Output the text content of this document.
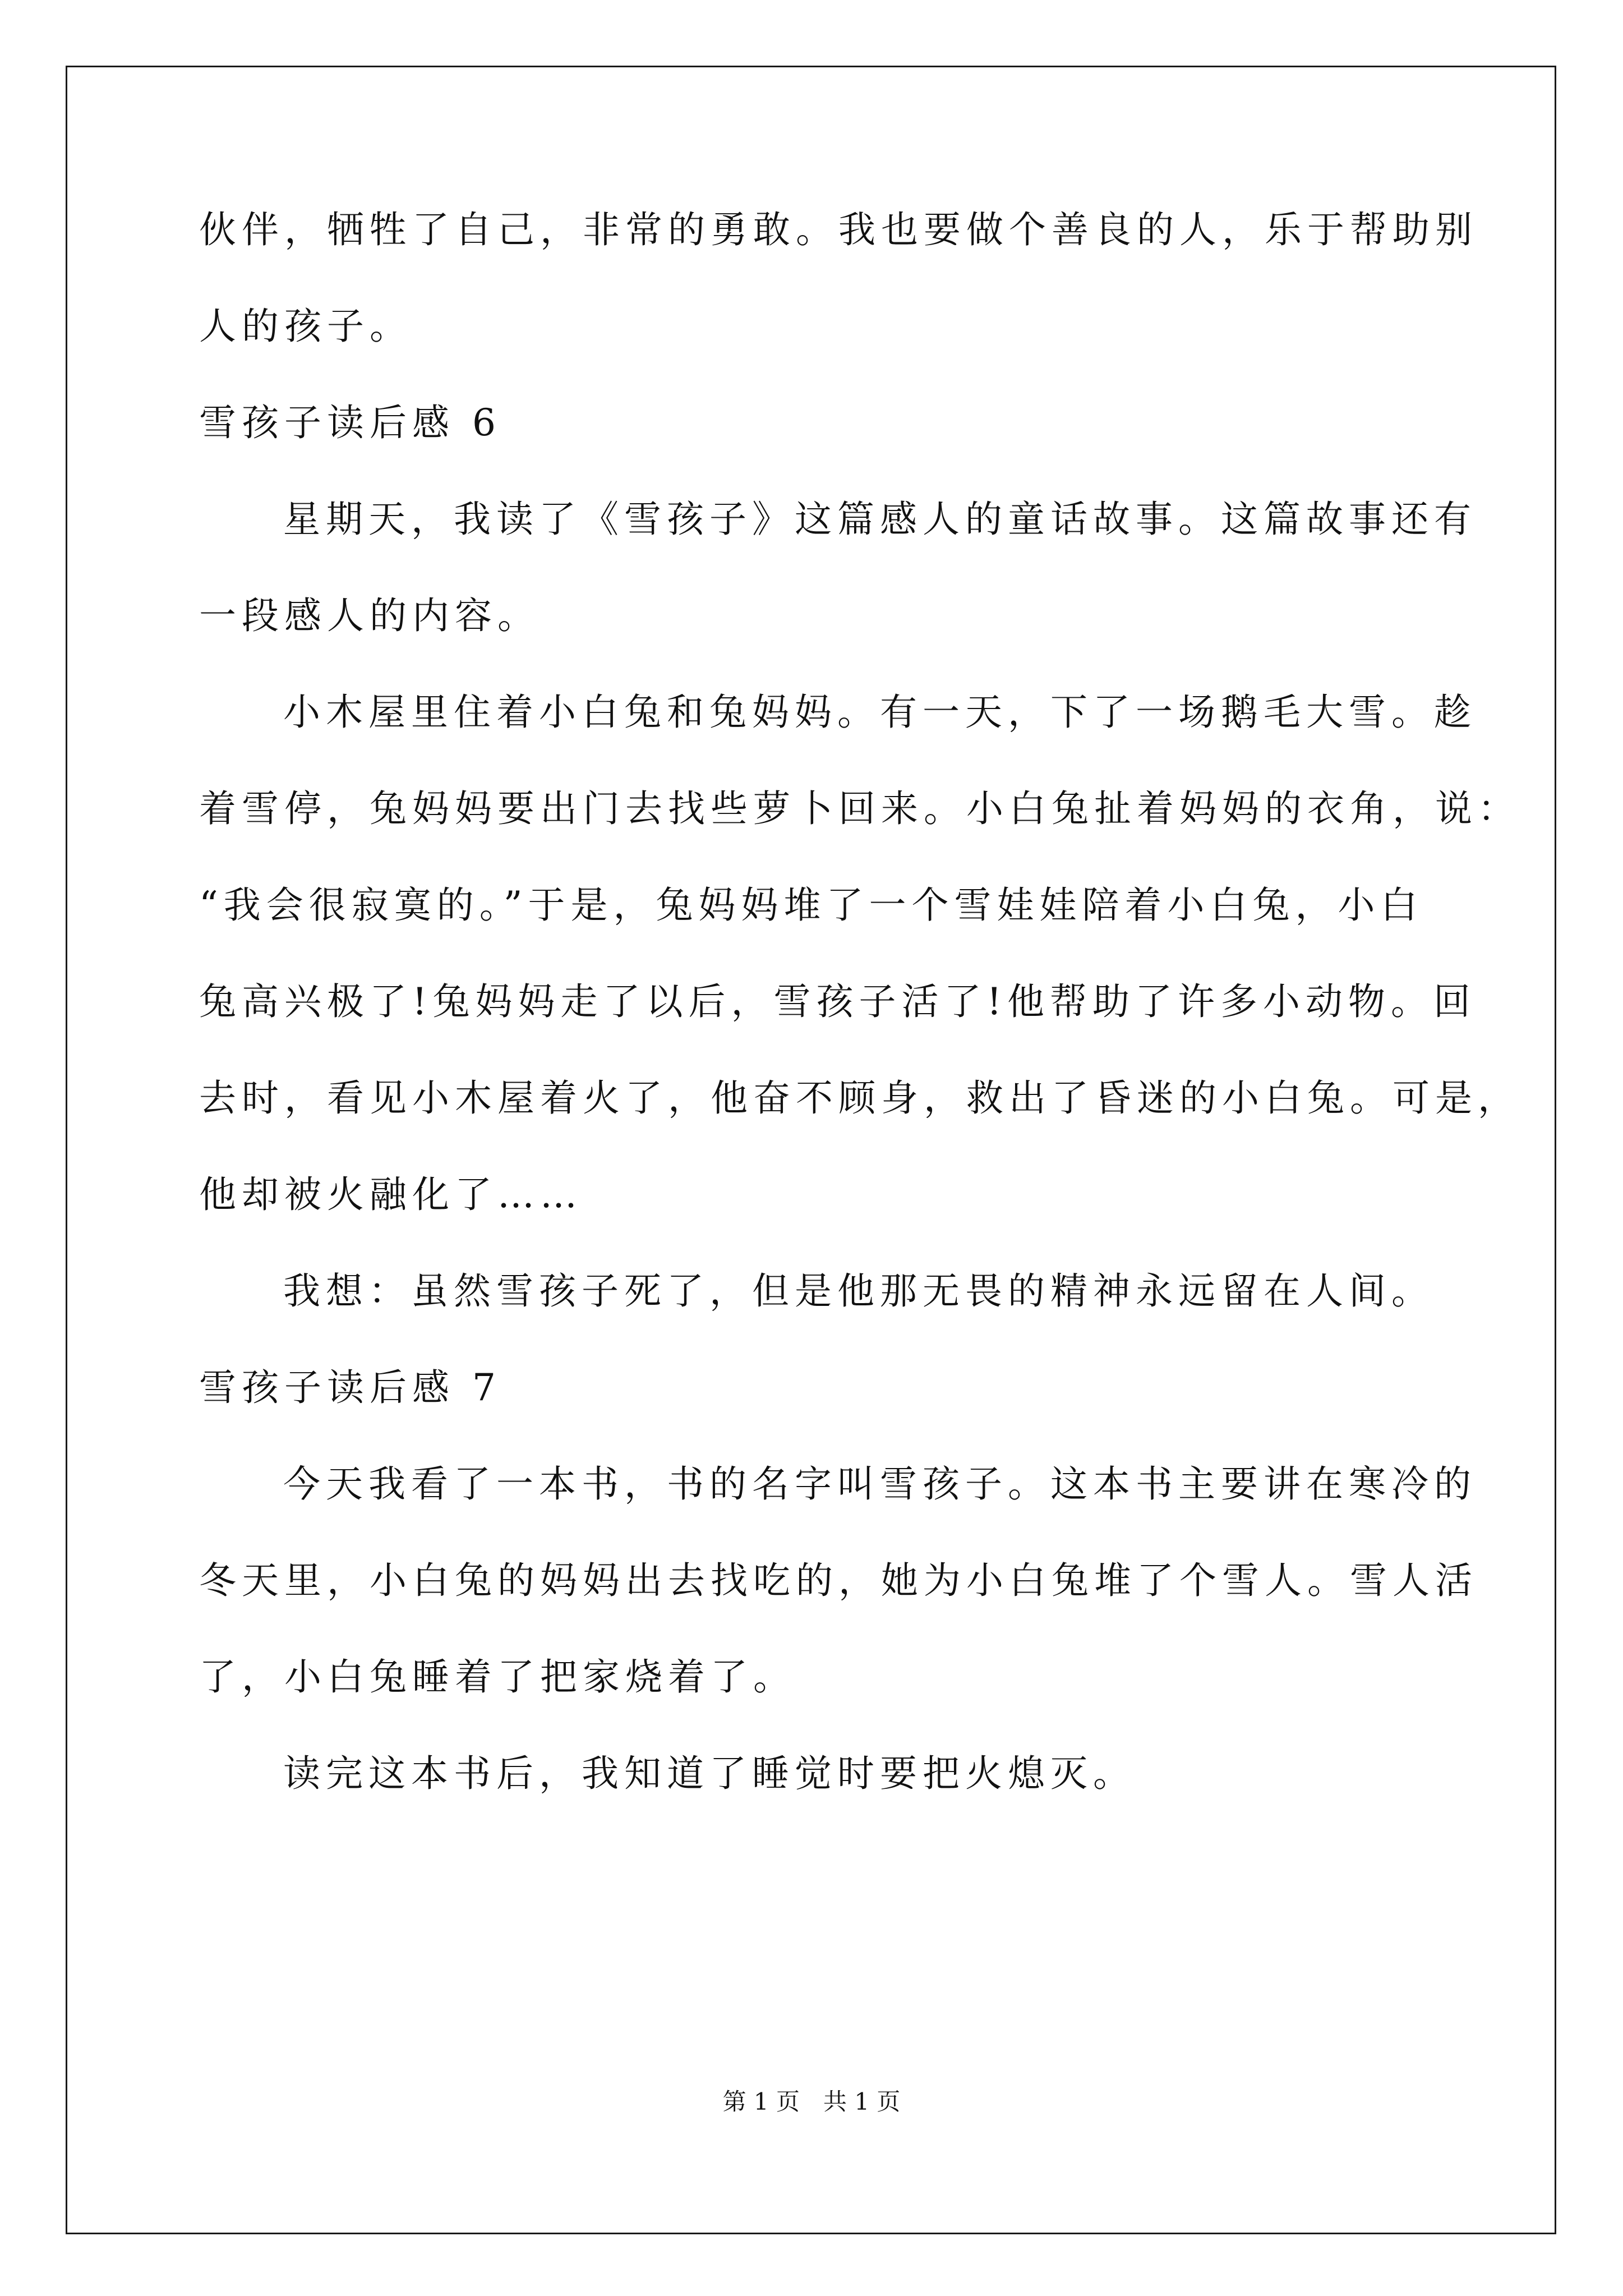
伙伴，牺牲了自己，非常的勇敢。我也要做个善良的人，乐于帮助别
人的孩子。
雪孩子读后感 6
星期天，我读了《雪孩子》这篇感人的童话故事。这篇故事还有
一段感人的内容。
小木屋里住着小白兔和兔妈妈。有一天，下了一场鹅毛大雪。趁
着雪停，兔妈妈要出门去找些萝卜回来。小白兔扯着妈妈的衣角，说：
“我会很寂寞的。”于是，兔妈妈堆了一个雪娃娃陪着小白兔，小白
兔高兴极了!兔妈妈走了以后，雪孩子活了!他帮助了许多小动物。回
去时，看见小木屋着火了，他奋不顾身，救出了昏迷的小白兔。可是，
他却被火融化了……
我想：虽然雪孩子死了，但是他那无畏的精神永远留在人间。
雪孩子读后感 7
今天我看了一本书，书的名字叫雪孩子。这本书主要讲在寒冷的
冬天里，小白兔的妈妈出去找吃的，她为小白兔堆了个雪人。雪人活
了，小白兔睡着了把家烧着了。
读完这本书后，我知道了睡觉时要把火熄灭。
第 1 页　共 1 页
